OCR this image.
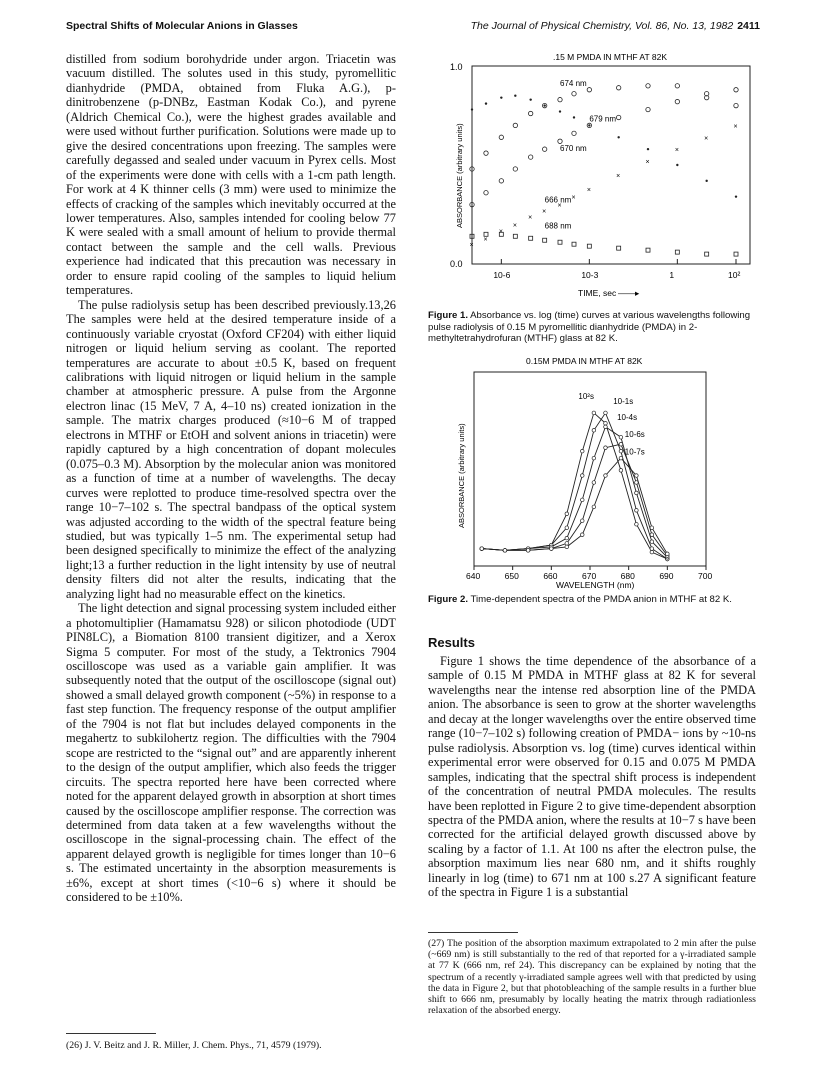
Spectral Shifts of Molecular Anions in Glasses	The Journal of Physical Chemistry, Vol. 86, No. 13, 1982 2411

distilled from sodium borohydride under argon. Triacetin was vacuum distilled. The solutes used in this study, pyromellitic dianhydride (PMDA, obtained from Fluka A.G.), p-dinitrobenzene (p-DNBz, Eastman Kodak Co.), and pyrene (Aldrich Chemical Co.), were the highest grades available and were used without further purification. Solutions were made up to give the desired concentrations upon freezing. The samples were carefully degassed and sealed under vacuum in Pyrex cells. Most of the experiments were done with cells with a 1-cm path length. For work at 4 K thinner cells (3 mm) were used to minimize the effects of cracking of the samples which inevitably occurred at the lower temperatures. Also, samples intended for cooling below 77 K were sealed with a small amount of helium to provide thermal contact between the sample and the cell walls. Previous experience had indicated that this precaution was necessary in order to ensure rapid cooling of the samples to liquid helium temperatures.

The pulse radiolysis setup has been described previously.13,26 The samples were held at the desired temperature inside of a continuously variable cryostat (Oxford CF204) with either liquid nitrogen or liquid helium serving as coolant. The reported temperatures are accurate to about ±0.5 K, based on frequent calibrations with liquid nitrogen or liquid helium in the sample chamber at atmospheric pressure. A pulse from the Argonne electron linac (15 MeV, 7 A, 4–10 ns) created ionization in the sample. The matrix charges produced (≈10−6 M of trapped electrons in MTHF or EtOH and solvent anions in triacetin) were rapidly captured by a high concentration of dopant molecules (0.075–0.3 M). Absorption by the molecular anion was monitored as a function of time at a number of wavelengths. The decay curves were replotted to produce time-resolved spectra over the range 10−7–102 s. The spectral bandpass of the optical system was adjusted according to the width of the spectral feature being studied, but was typically 1–5 nm. The experimental setup had been designed specifically to minimize the effect of the analyzing light;13 a further reduction in the light intensity by use of neutral density filters did not alter the results, indicating that the analyzing light had no measurable effect on the kinetics.

The light detection and signal processing system included either a photomultiplier (Hamamatsu 928) or silicon photodiode (UDT PIN8LC), a Biomation 8100 transient digitizer, and a Xerox Sigma 5 computer. For most of the study, a Tektronics 7904 oscilloscope was used as a variable gain amplifier. It was subsequently noted that the output of the oscilloscope (signal out) showed a small delayed growth component (~5%) in response to a fast step function. The frequency response of the output amplifier of the 7904 is not flat but includes delayed components in the megahertz to subkilohertz region. The difficulties with the 7904 scope are restricted to the “signal out” and are apparently inherent to the design of the output amplifier, which also feeds the trigger circuits. The spectra reported here have been corrected where noted for the apparent delayed growth in absorption at short times caused by the oscilloscope amplifier response. The correction was determined from data taken at a few wavelengths without the oscilloscope in the signal-processing chain. The effect of the apparent delayed growth is negligible for times longer than 10−6 s. The estimated uncertainty in the absorption measurements is ±6%, except at short times (<10−6 s) where it should be considered to be ±10%.

(26) J. V. Beitz and J. R. Miller, J. Chem. Phys., 71, 4579 (1979).
.15 M PMDA IN MTHF AT 82K
1.0
0.0
ABSORBANCE (arbitrary units)
10-6	10-3	1	10²
TIME, sec ——▸
×
×
×
×
×
×
×
×
×
×
×
×
×
×
674 nm
679 nm
670 nm
666 nm
688 nm
Figure 1. Absorbance vs. log (time) curves at various wavelengths following pulse radiolysis of 0.15 M pyromellitic dianhydride (PMDA) in 2-methyltetrahydrofuran (MTHF) glass at 82 K.
0.15M PMDA IN MTHF AT 82K
ABSORBANCE (arbitrary units)
640	650	660	670	680	690	700
WAVELENGTH (nm)
10²s
10-1s
10-4s
10-6s
10-7s
Figure 2. Time-dependent spectra of the PMDA anion in MTHF at 82 K.
Results

Figure 1 shows the time dependence of the absorbance of a sample of 0.15 M PMDA in MTHF glass at 82 K for several wavelengths near the intense red absorption line of the PMDA anion. The absorbance is seen to grow at the shorter wavelengths and decay at the longer wavelengths over the entire observed time range (10−7–102 s) following creation of PMDA− ions by ~10-ns pulse radiolysis. Absorption vs. log (time) curves identical within experimental error were observed for 0.15 and 0.075 M PMDA samples, indicating that the spectral shift process is independent of the concentration of neutral PMDA molecules. The results have been replotted in Figure 2 to give time-dependent absorption spectra of the PMDA anion, where the results at 10−7 s have been corrected for the artificial delayed growth discussed above by scaling by a factor of 1.1. At 100 ns after the electron pulse, the absorption maximum lies near 680 nm, and it shifts roughly linearly in log (time) to 671 nm at 100 s.27 A significant feature of the spectra in Figure 1 is a substantial

(27) The position of the absorption maximum extrapolated to 2 min after the pulse (~669 nm) is still substantially to the red of that reported for a γ-irradiated sample at 77 K (666 nm, ref 24). This discrepancy can be explained by noting that the spectrum of a recently γ-irradiated sample agrees well with that predicted by using the data in Figure 2, but that photobleaching of the sample results in a further blue shift to 666 nm, presumably by locally heating the matrix through radiationless relaxation of the absorbed energy.
